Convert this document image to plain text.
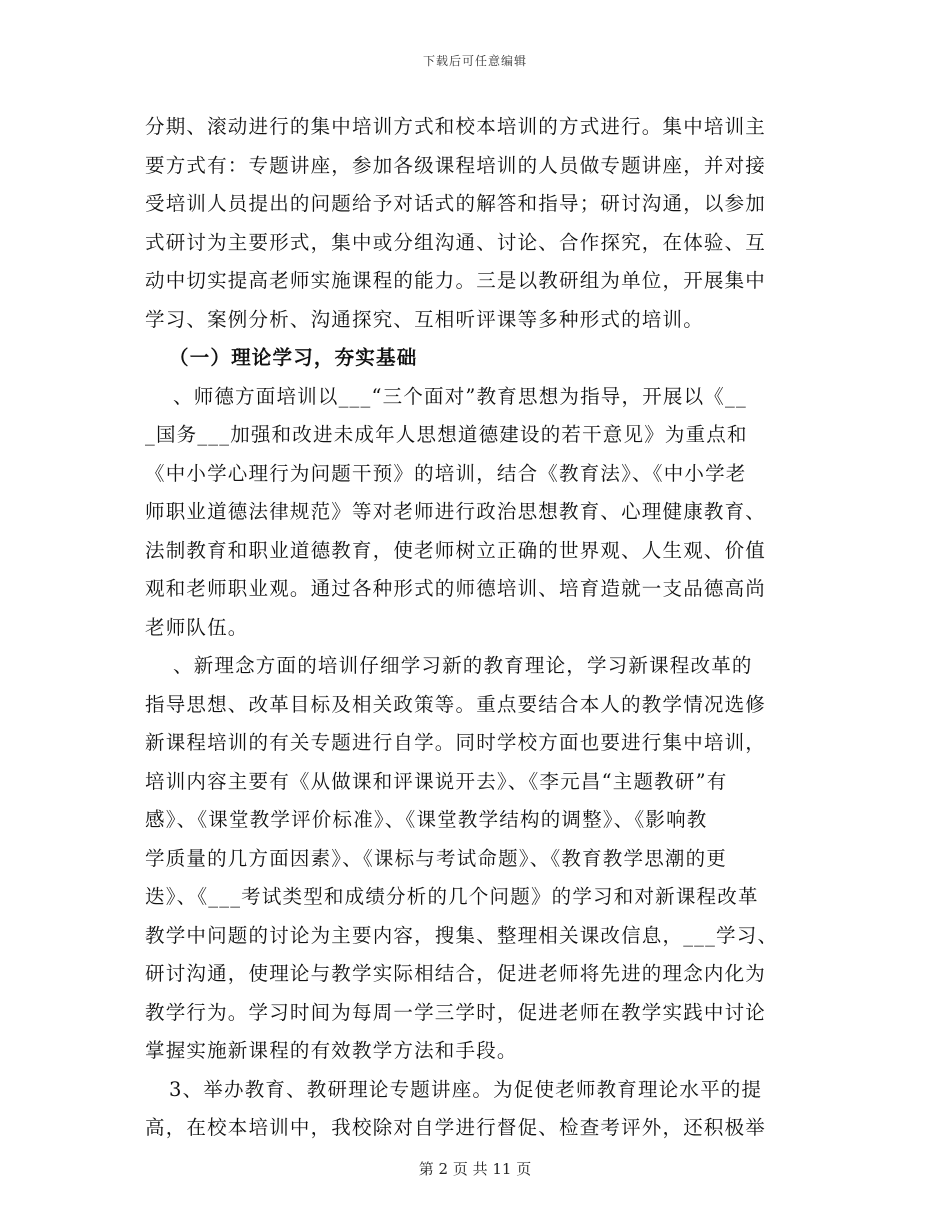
下载后可任意编辑
分期、滚动进行的集中培训方式和校本培训的方式进行。集中培训主
要方式有：专题讲座，参加各级课程培训的人员做专题讲座，并对接
受培训人员提出的问题给予对话式的解答和指导；研讨沟通，以参加
式研讨为主要形式，集中或分组沟通、讨论、合作探究，在体验、互
动中切实提高老师实施课程的能力。三是以教研组为单位，开展集中
学习、案例分析、沟通探究、互相听评课等多种形式的培训。
（一）理论学习，夯实基础
、师德方面培训以___“三个面对”教育思想为指导，开展以《__
_国务___加强和改进未成年人思想道德建设的若干意见》为重点和
《中小学心理行为问题干预》的培训，结合《教育法》、《中小学老
师职业道德法律规范》等对老师进行政治思想教育、心理健康教育、
法制教育和职业道德教育，使老师树立正确的世界观、人生观、价值
观和老师职业观。通过各种形式的师德培训、培育造就一支品德高尚
老师队伍。
、新理念方面的培训仔细学习新的教育理论，学习新课程改革的
指导思想、改革目标及相关政策等。重点要结合本人的教学情况选修
新课程培训的有关专题进行自学。同时学校方面也要进行集中培训，
培训内容主要有《从做课和评课说开去》、《李元昌“主题教研”有
感》、《课堂教学评价标准》、《课堂教学结构的调整》、《影响教
学质量的几方面因素》、《课标与考试命题》、《教育教学思潮的更
迭》、《___考试类型和成绩分析的几个问题》的学习和对新课程改革
教学中问题的讨论为主要内容，搜集、整理相关课改信息，___学习、
研讨沟通，使理论与教学实际相结合，促进老师将先进的理念内化为
教学行为。学习时间为每周一学三学时，促进老师在教学实践中讨论
掌握实施新课程的有效教学方法和手段。
3、举办教育、教研理论专题讲座。为促使老师教育理论水平的提
高，在校本培训中，我校除对自学进行督促、检查考评外，还积极举
第 2 页 共 11 页
